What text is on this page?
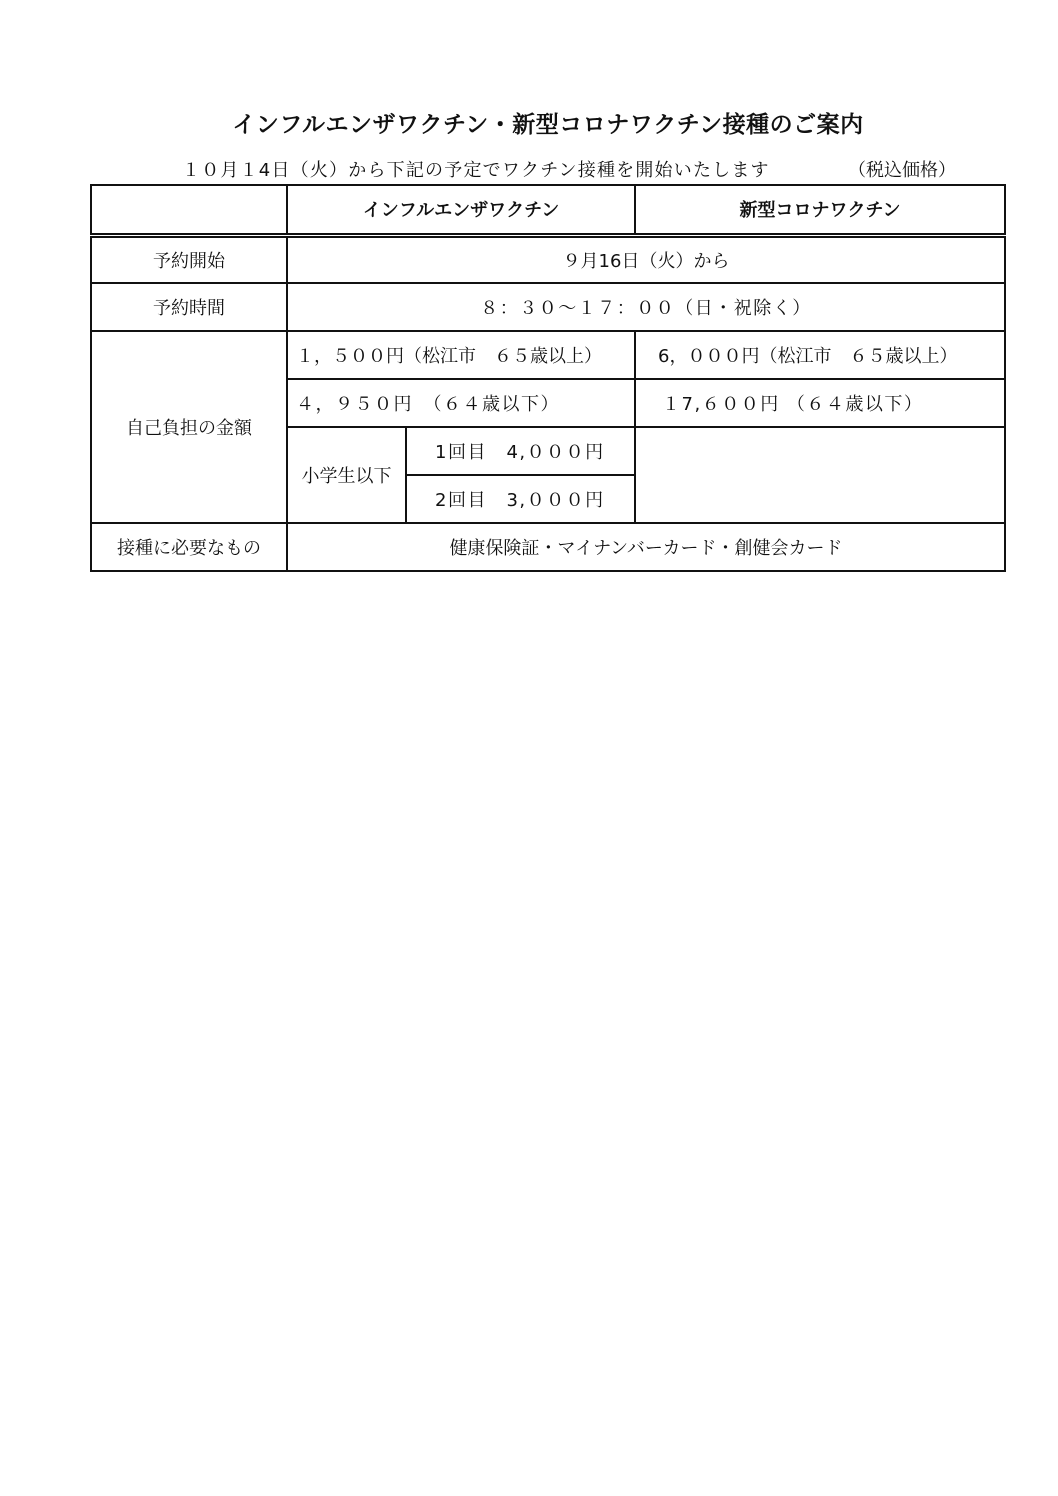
インフルエンザワクチン・新型コロナワクチン接種のご案内
１０月１4日（火）から下記の予定でワクチン接種を開始いたします	（税込価格）
	インフルエンザワクチン		新型コロナワクチン
予約開始	９月16日（火）から		
予約時間	８：３０～１７：００（日・祝除く）		
自己負担の金額	１，５００円（松江市　６５歳以上）		6，０００円（松江市　６５歳以上）
	４，９５０円　（６４歳以下）		１7,６００円 （６４歳以下）
	小学生以下	1回目　4,０００円	
		2回目　3,０００円	
接種に必要なもの	健康保険証・マイナンバーカード・創健会カード		
